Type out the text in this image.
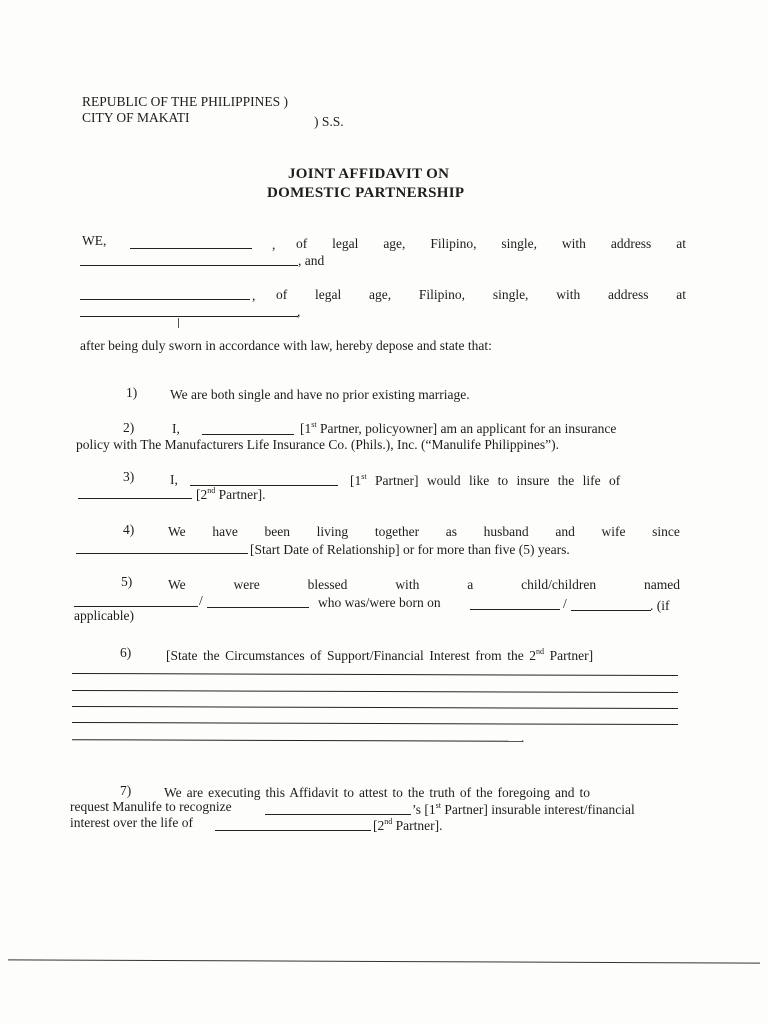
REPUBLIC OF THE PHILIPPINES )
CITY OF MAKATI	) S.S.
JOINT AFFIDAVIT ON
DOMESTIC PARTNERSHIP
WE,	, of legal age, Filipino, single, with address at
, and
, of legal age, Filipino, single, with address at
,
after being duly sworn in accordance with law, hereby depose and state that:
1) We are both single and have no prior existing marriage.
2)	I,	[1st Partner, policyowner] am an applicant for an insurance
policy with The Manufacturers Life Insurance Co. (Phils.), Inc. (“Manulife Philippines”).
3)	I,	[1st Partner] would like to insure the life of
[2nd Partner].
4)	We have been living together as husband and wife since
[Start Date of Relationship] or for more than five (5) years.
5)	We	were	blessed	with	a	child/children	named
/	who was/were born on	/	. (if
applicable)
6)	[State the Circumstances of Support/Financial Interest from the 2nd Partner]
.
7) We are executing this Affidavit to attest to the truth of the foregoing and to
request Manulife to recognize	’s [1st Partner] insurable interest/financial
interest over the life of	[2nd Partner].
